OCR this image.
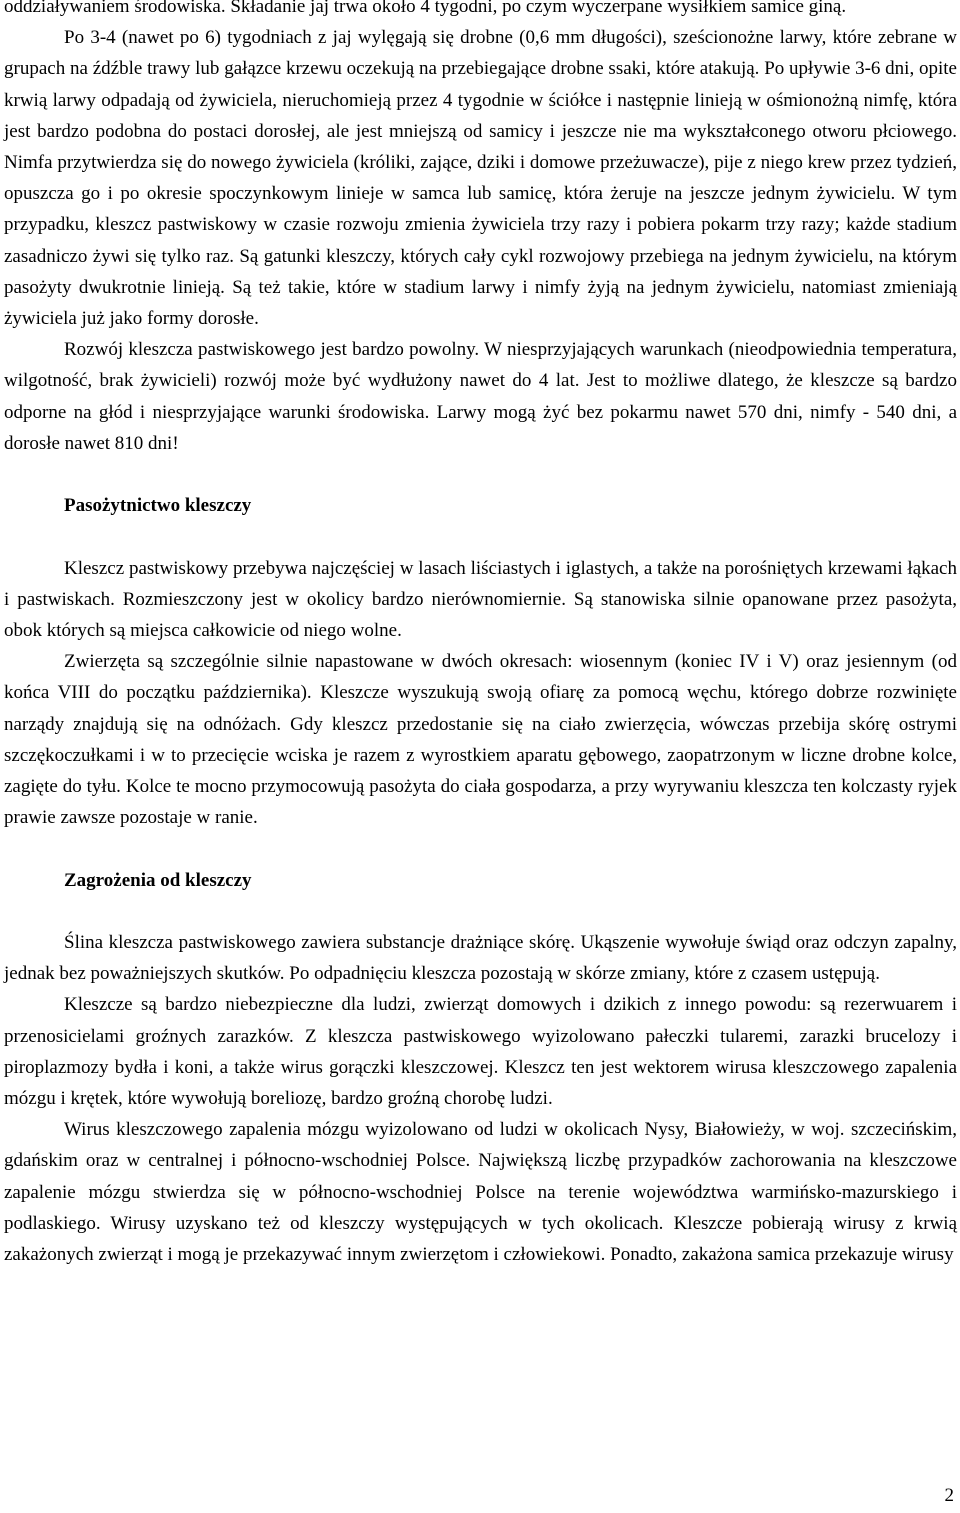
oddziaływaniem środowiska. Składanie jaj trwa około 4 tygodni, po czym wyczerpane wysiłkiem samice giną.

Po 3-4 (nawet po 6) tygodniach z jaj wylęgają się drobne (0,6 mm długości), sześcionożne larwy, które zebrane w grupach na źdźble trawy lub gałązce krzewu oczekują na przebiegające drobne ssaki, które atakują. Po upływie 3-6 dni, opite krwią larwy odpadają od żywiciela, nieruchomieją przez 4 tygodnie w ściółce i następnie linieją w ośmionożną nimfę, która jest bardzo podobna do postaci dorosłej, ale jest mniejszą od samicy i jeszcze nie ma wykształconego otworu płciowego. Nimfa przytwierdza się do nowego żywiciela (króliki, zające, dziki i domowe przeżuwacze), pije z niego krew przez tydzień, opuszcza go i po okresie spoczynkowym linieje w samca lub samicę, która żeruje na jeszcze jednym żywicielu. W tym przypadku, kleszcz pastwiskowy w czasie rozwoju zmienia żywiciela trzy razy i pobiera pokarm trzy razy; każde stadium zasadniczo żywi się tylko raz. Są gatunki kleszczy, których cały cykl rozwojowy przebiega na jednym żywicielu, na którym pasożyty dwukrotnie linieją. Są też takie, które w stadium larwy i nimfy żyją na jednym żywicielu, natomiast zmieniają żywiciela już jako formy dorosłe.

Rozwój kleszcza pastwiskowego jest bardzo powolny. W niesprzyjających warunkach (nieodpowiednia temperatura, wilgotność, brak żywicieli) rozwój może być wydłużony nawet do 4 lat. Jest to możliwe dlatego, że kleszcze są bardzo odporne na głód i niesprzyjające warunki środowiska. Larwy mogą żyć bez pokarmu nawet 570 dni, nimfy - 540 dni, a dorosłe nawet 810 dni!

Pasożytnictwo kleszczy

Kleszcz pastwiskowy przebywa najczęściej w lasach liściastych i iglastych, a także na porośniętych krzewami łąkach i pastwiskach. Rozmieszczony jest w okolicy bardzo nierównomiernie. Są stanowiska silnie opanowane przez pasożyta, obok których są miejsca całkowicie od niego wolne.

Zwierzęta są szczególnie silnie napastowane w dwóch okresach: wiosennym (koniec IV i V) oraz jesiennym (od końca VIII do początku października). Kleszcze wyszukują swoją ofiarę za pomocą węchu, którego dobrze rozwinięte narządy znajdują się na odnóżach. Gdy kleszcz przedostanie się na ciało zwierzęcia, wówczas przebija skórę ostrymi szczękoczułkami i w to przecięcie wciska je razem z wyrostkiem aparatu gębowego, zaopatrzonym w liczne drobne kolce, zagięte do tyłu. Kolce te mocno przymocowują pasożyta do ciała gospodarza, a przy wyrywaniu kleszcza ten kolczasty ryjek prawie zawsze pozostaje w ranie.

Zagrożenia od kleszczy

Ślina kleszcza pastwiskowego zawiera substancje drażniące skórę. Ukąszenie wywołuje świąd oraz odczyn zapalny, jednak bez poważniejszych skutków. Po odpadnięciu kleszcza pozostają w skórze zmiany, które z czasem ustępują.

Kleszcze są bardzo niebezpieczne dla ludzi, zwierząt domowych i dzikich z innego powodu: są rezerwuarem i przenosicielami groźnych zarazków. Z kleszcza pastwiskowego wyizolowano pałeczki tularemi, zarazki brucelozy i piroplazmozy bydła i koni, a także wirus gorączki kleszczowej. Kleszcz ten jest wektorem wirusa kleszczowego zapalenia mózgu i krętek, które wywołują boreliozę, bardzo groźną chorobę ludzi.

Wirus kleszczowego zapalenia mózgu wyizolowano od ludzi w okolicach Nysy, Białowieży, w woj. szczecińskim, gdańskim oraz w centralnej i północno-wschodniej Polsce. Największą liczbę przypadków zachorowania na kleszczowe zapalenie mózgu stwierdza się w północno-wschodniej Polsce na terenie województwa warmińsko-mazurskiego i podlaskiego. Wirusy uzyskano też od kleszczy występujących w tych okolicach. Kleszcze pobierają wirusy z krwią zakażonych zwierząt i mogą je przekazywać innym zwierzętom i człowiekowi. Ponadto, zakażona samica przekazuje wirusy

2
